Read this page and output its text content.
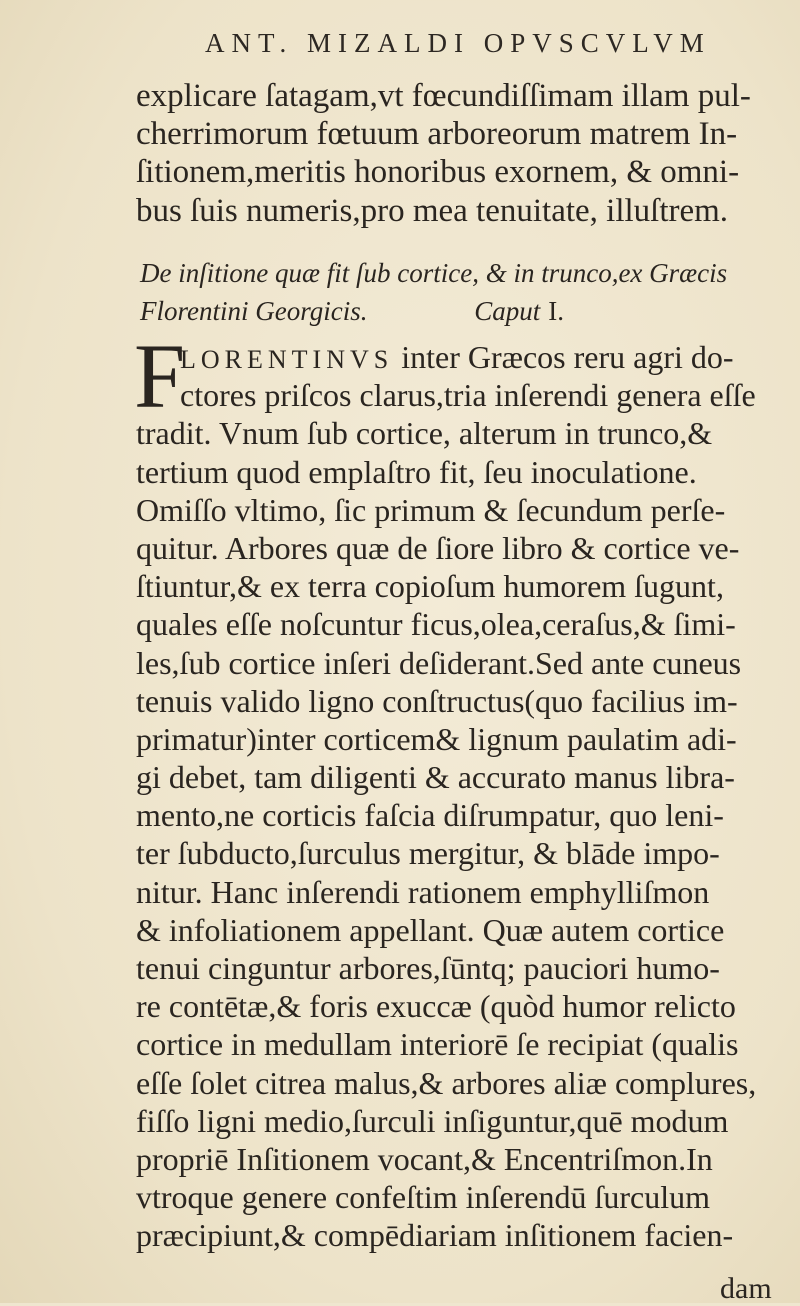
ANT. MIZALDI OPVSCVLVM
explicare ſatagam,vt fœcundiſſimam illam pul-
cherrimorum fœtuum arboreorum matrem In-
ſitionem,meritis honoribus exornem, & omni-
bus ſuis numeris,pro mea tenuitate, illuſtrem.
De inſitione quæ fit ſub cortice, & in trunco,ex Græcis
Florentini Georgicis.	Caput I.
F
LORENTINVS inter Græcos reru agri do-
ctores priſcos clarus,tria inſerendi genera eſſe
tradit. Vnum ſub cortice, alterum in trunco,&
tertium quod emplaſtro fit, ſeu inoculatione.
Omiſſo vltimo, ſic primum & ſecundum perſe-
quitur. Arbores quæ de ſiore libro & cortice ve-
ſtiuntur,& ex terra copioſum humorem ſugunt,
quales eſſe noſcuntur ficus,olea,ceraſus,& ſimi-
les,ſub cortice inſeri deſiderant.Sed ante cuneus
tenuis valido ligno conſtructus(quo facilius im-
primatur)inter corticem& lignum paulatim adi-
gi debet, tam diligenti & accurato manus libra-
mento,ne corticis faſcia diſrumpatur, quo leni-
ter ſubducto,ſurculus mergitur, & blāde impo-
nitur. Hanc inſerendi rationem emphylliſmon
& infoliationem appellant. Quæ autem cortice
tenui cinguntur arbores,ſūntq; pauciori humo-
re contētæ,& foris exuccæ (quòd humor relicto
cortice in medullam interiorē ſe recipiat (qualis
eſſe ſolet citrea malus,& arbores aliæ complures,
fiſſo ligni medio,ſurculi inſiguntur,quē modum
propriē Inſitionem vocant,& Encentriſmon.In
vtroque genere confeſtim inſerendū ſurculum
præcipiunt,& compēdiariam inſitionem facien-
dam
